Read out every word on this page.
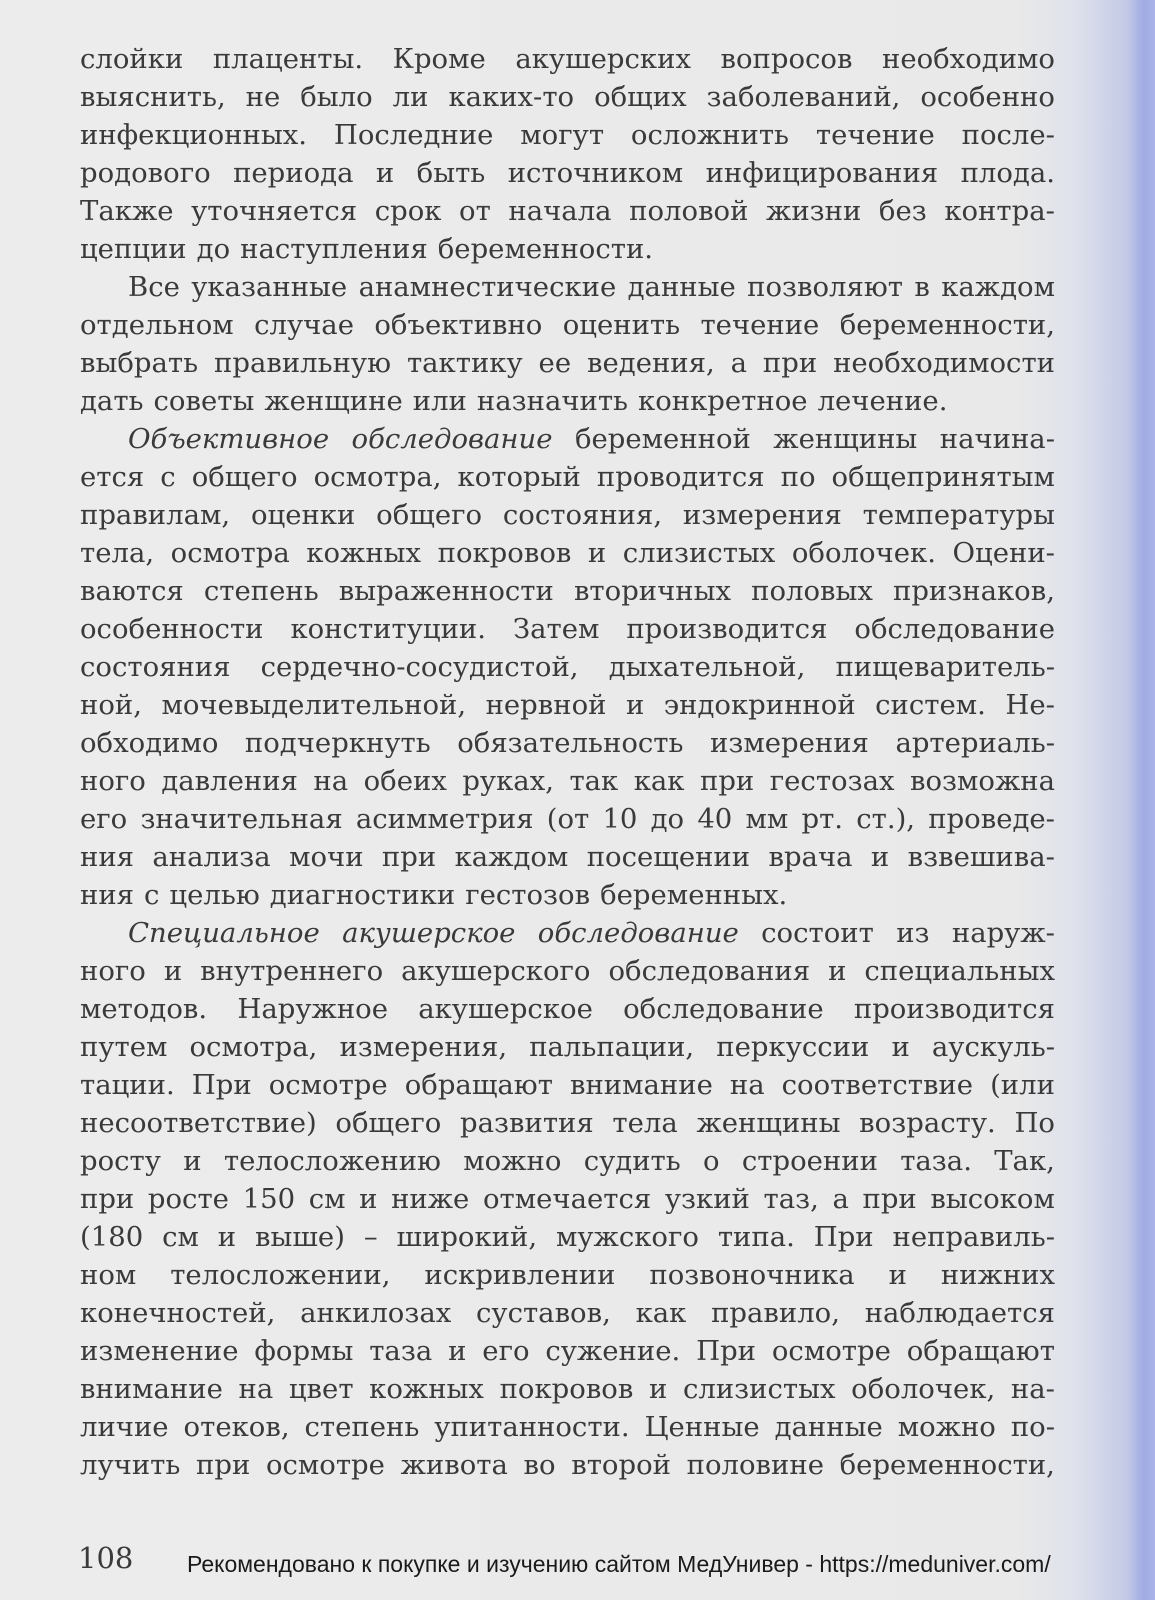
слойки плаценты. Кроме акушерских вопросов необходимо
выяснить, не было ли каких-то общих заболеваний, особенно
инфекционных. Последние могут осложнить течение после-
родового периода и быть источником инфицирования плода.
Также уточняется срок от начала половой жизни без контра-
цепции до наступления беременности.
Все указанные анамнестические данные позволяют в каждом
отдельном случае объективно оценить течение беременности,
выбрать правильную тактику ее ведения, а при необходимости
дать советы женщине или назначить конкретное лечение.
Объективное обследование беременной женщины начина-
ется с общего осмотра, который проводится по общепринятым
правилам, оценки общего состояния, измерения температуры
тела, осмотра кожных покровов и слизистых оболочек. Оцени-
ваются степень выраженности вторичных половых признаков,
особенности конституции. Затем производится обследование
состояния сердечно-сосудистой, дыхательной, пищеваритель-
ной, мочевыделительной, нервной и эндокринной систем. Не-
обходимо подчеркнуть обязательность измерения артериаль-
ного давления на обеих руках, так как при гестозах возможна
его значительная асимметрия (от 10 до 40 мм рт. ст.), проведе-
ния анализа мочи при каждом посещении врача и взвешива-
ния с целью диагностики гестозов беременных.
Специальное акушерское обследование состоит из наруж-
ного и внутреннего акушерского обследования и специальных
методов. Наружное акушерское обследование производится
путем осмотра, измерения, пальпации, перкуссии и аускуль-
тации. При осмотре обращают внимание на соответствие (или
несоответствие) общего развития тела женщины возрасту. По
росту и телосложению можно судить о строении таза. Так,
при росте 150 см и ниже отмечается узкий таз, а при высоком
(180 см и выше) – широкий, мужского типа. При неправиль-
ном телосложении, искривлении позвоночника и нижних
конечностей, анкилозах суставов, как правило, наблюдается
изменение формы таза и его сужение. При осмотре обращают
внимание на цвет кожных покровов и слизистых оболочек, на-
личие отеков, степень упитанности. Ценные данные можно по-
лучить при осмотре живота во второй половине беременности,
108 Рекомендовано к покупке и изучению сайтом МедУнивер - https://meduniver.com/
